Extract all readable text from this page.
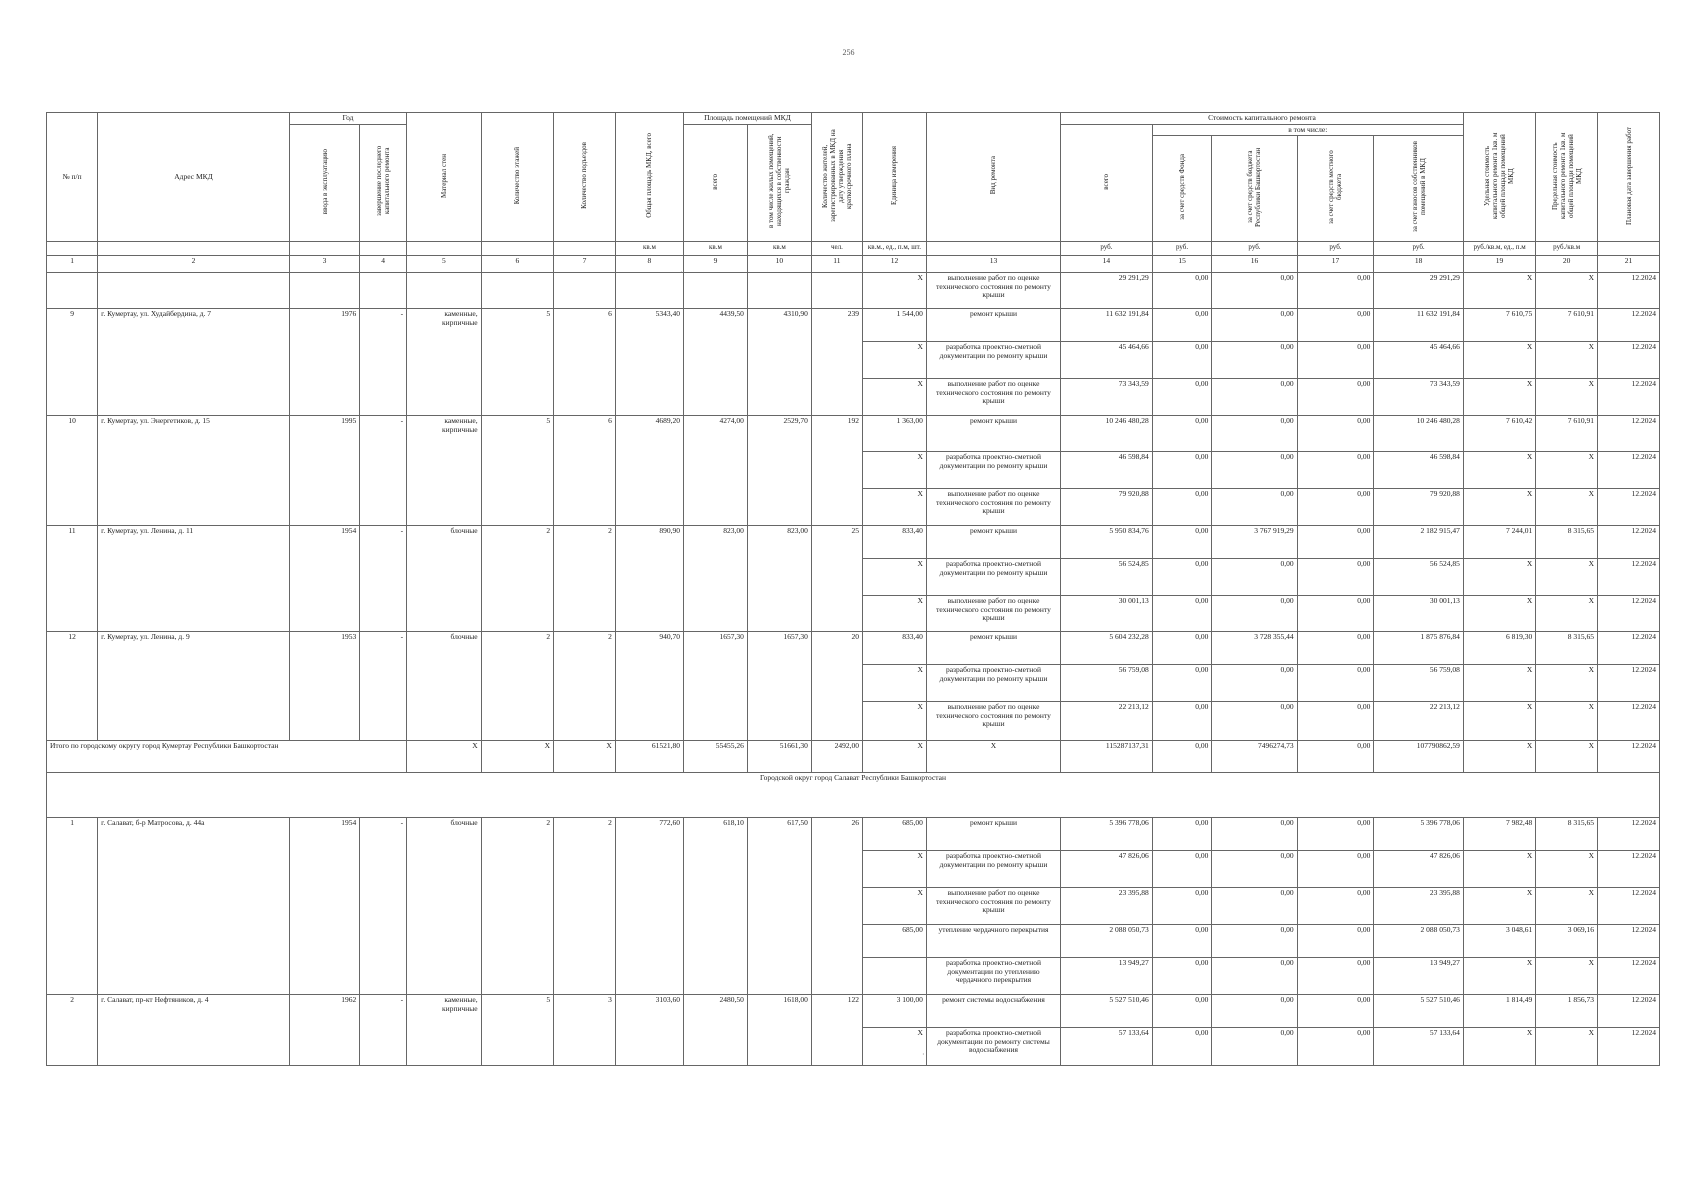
256
№ п/п	Адрес МКД	Год		Материал стен	Количество этажей	Количество подъездов	Общая площадь МКД, всего	Площадь помещений МКД		Количество жителей, зарегистрированных в МКД на дату утверждения краткосрочного плана	Единица измерения	Вид ремонта	Стоимость капитального ремонта					Удельная стоимость капитального ремонта 1кв. м общей площади помещений МКД	Предельная стоимость капитального ремонта 1кв. м общей площади помещений МКД	Плановая дата завершения работ
		ввода в эксплуатацию	завершение последнего капитального ремонта					всего	в том числе жилых помещений, находящихся в собственности граждан				всего	в том числе:						
														за счет средств Фонда	за счет средств бюджета Республики Башкортостан	за счет средств местного бюджета	за счет взносов собственников помещений в МКД			
							кв.м	кв.м	кв.м	чел.	кв.м., ед., п.м, шт.		руб.	руб.	руб.	руб.	руб.	руб./кв.м, ед., п.м	руб./кв.м	
1	2	3	4	5	6	7	8	9	10	11	12	13	14	15	16	17	18	19	20	21
											X	выполнение работ по оценке технического состояния по ремонту крыши	29 291,29	0,00	0,00	0,00	29 291,29	X	X	12.2024
9	г. Кумертау, ул. Худайбердина, д. 7	1976	-	каменные, кирпичные	5	6	5343,40	4439,50	4310,90	239	1 544,00	ремонт крыши	11 632 191,84	0,00	0,00	0,00	11 632 191,84	7 610,75	7 610,91	12.2024
											X	разработка проектно-сметной документации по ремонту крыши	45 464,66	0,00	0,00	0,00	45 464,66	X	X	12.2024
											X	выполнение работ по оценке технического состояния по ремонту крыши	73 343,59	0,00	0,00	0,00	73 343,59	X	X	12.2024
10	г. Кумертау, ул. Энергетиков, д. 15	1995	-	каменные, кирпичные	5	6	4689,20	4274,00	2529,70	192	1 363,00	ремонт крыши	10 246 480,28	0,00	0,00	0,00	10 246 480,28	7 610,42	7 610,91	12.2024
											X	разработка проектно-сметной документации по ремонту крыши	46 598,84	0,00	0,00	0,00	46 598,84	X	X	12.2024
											X	выполнение работ по оценке технического состояния по ремонту крыши	79 920,88	0,00	0,00	0,00	79 920,88	X	X	12.2024
11	г. Кумертау, ул. Ленина, д. 11	1954	-	блочные	2	2	890,90	823,00	823,00	25	833,40	ремонт крыши	5 950 834,76	0,00	3 767 919,29	0,00	2 182 915,47	7 244,01	8 315,65	12.2024
											X	разработка проектно-сметной документации по ремонту крыши	56 524,85	0,00	0,00	0,00	56 524,85	X	X	12.2024
											X	выполнение работ по оценке технического состояния по ремонту крыши	30 001,13	0,00	0,00	0,00	30 001,13	X	X	12.2024
12	г. Кумертау, ул. Ленина, д. 9	1953	-	блочные	2	2	940,70	1657,30	1657,30	20	833,40	ремонт крыши	5 604 232,28	0,00	3 728 355,44	0,00	1 875 876,84	6 819,30	8 315,65	12.2024
											X	разработка проектно-сметной документации по ремонту крыши	56 759,08	0,00	0,00	0,00	56 759,08	X	X	12.2024
											X	выполнение работ по оценке технического состояния по ремонту крыши	22 213,12	0,00	0,00	0,00	22 213,12	X	X	12.2024
Итого по городскому округу город Кумертау Республики Башкортостан				X	X	X	61521,80	55455,26	51661,30	2492,00	X	X	115287137,31	0,00	7496274,73	0,00	107790862,59	X	X	12.2024
Городской округ город Салават Республики Башкортостан																				
1	г. Салават, б-р Матросова, д. 44а	1954	-	блочные	2	2	772,60	618,10	617,50	26	685,00	ремонт крыши	5 396 778,06	0,00	0,00	0,00	5 396 778,06	7 982,48	8 315,65	12.2024
											X	разработка проектно-сметной документации по ремонту крыши	47 826,06	0,00	0,00	0,00	47 826,06	X	X	12.2024
											X	выполнение работ по оценке технического состояния по ремонту крыши	23 395,88	0,00	0,00	0,00	23 395,88	X	X	12.2024
											685,00	утепление чердачного перекрытия	2 088 050,73	0,00	0,00	0,00	2 088 050,73	3 048,61	3 069,16	12.2024
												разработка проектно-сметной документации по утеплению чердачного перекрытия	13 949,27	0,00	0,00	0,00	13 949,27	X	X	12.2024
2	г. Салават, пр-кт Нефтяников, д. 4	1962	-	каменные, кирпичные	5	3	3103,60	2480,50	1618,00	122	3 100,00	ремонт системы водоснабжения	5 527 510,46	0,00	0,00	0,00	5 527 510,46	1 814,49	1 856,73	12.2024
											X	разработка проектно-сметной документации по ремонту системы водоснабжения	57 133,64	0,00	0,00	0,00	57 133,64	X	X	12.2024
·
·
